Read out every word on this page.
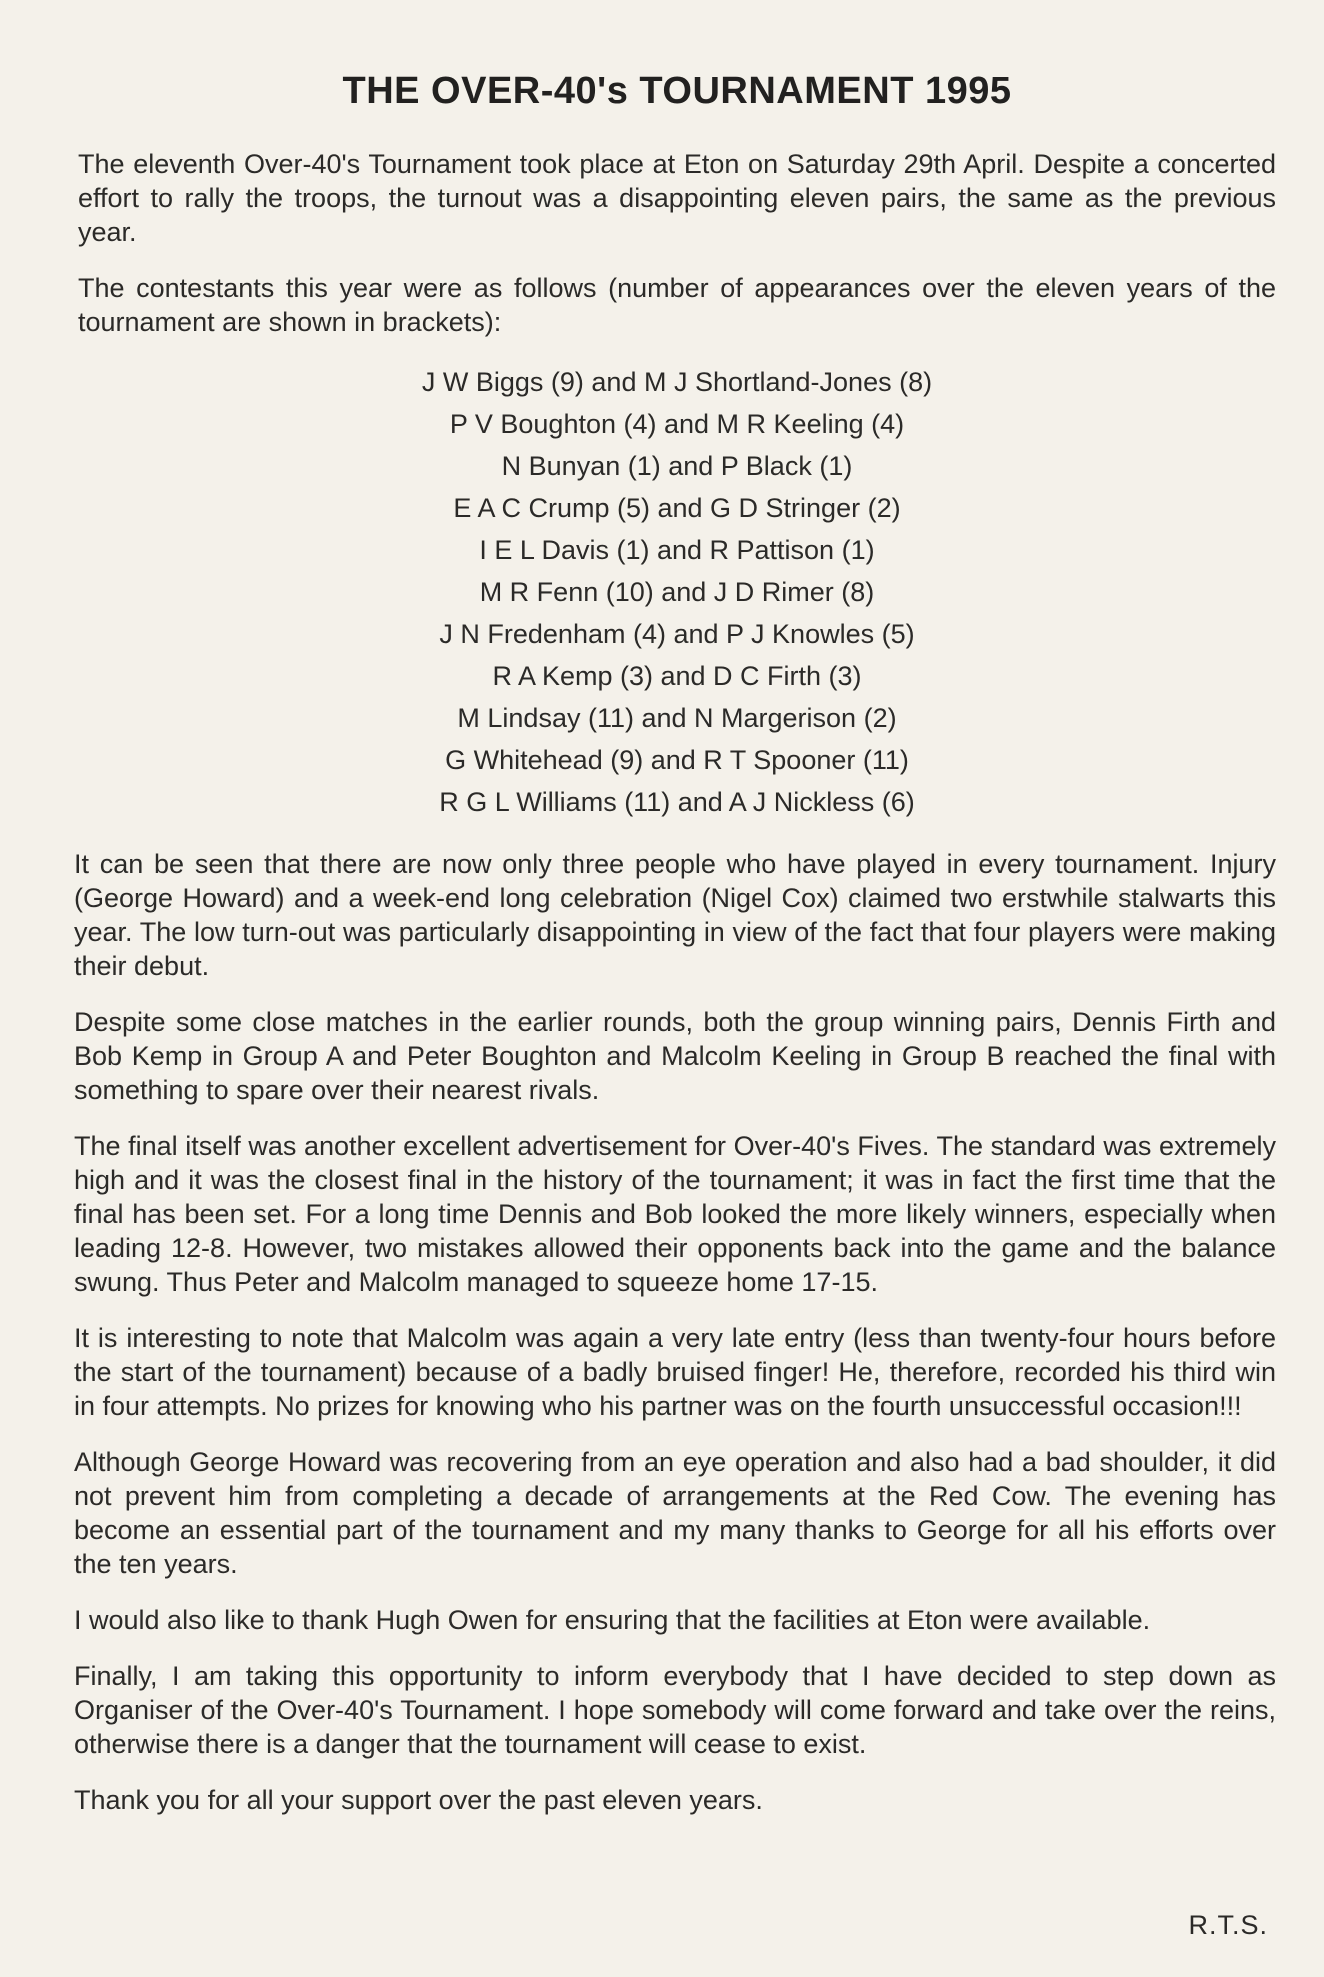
THE OVER-40's TOURNAMENT 1995

The eleventh Over-40's Tournament took place at Eton on Saturday 29th April. Despite a concerted effort to rally the troops, the turnout was a disappointing eleven pairs, the same as the previous year.

The contestants this year were as follows (number of appearances over the eleven years of the tournament are shown in brackets):

J W Biggs (9) and M J Shortland-Jones (8)
P V Boughton (4) and M R Keeling (4)
N Bunyan (1) and P Black (1)
E A C Crump (5) and G D Stringer (2)
I E L Davis (1) and R Pattison (1)
M R Fenn (10) and J D Rimer (8)
J N Fredenham (4) and P J Knowles (5)
R A Kemp (3) and D C Firth (3)
M Lindsay (11) and N Margerison (2)
G Whitehead (9) and R T Spooner (11)
R G L Williams (11) and A J Nickless (6)

It can be seen that there are now only three people who have played in every tournament. Injury (George Howard) and a week-end long celebration (Nigel Cox) claimed two erstwhile stalwarts this year. The low turn-out was particularly disappointing in view of the fact that four players were making their debut.

Despite some close matches in the earlier rounds, both the group winning pairs, Dennis Firth and Bob Kemp in Group A and Peter Boughton and Malcolm Keeling in Group B reached the final with something to spare over their nearest rivals.

The final itself was another excellent advertisement for Over-40's Fives. The standard was extremely high and it was the closest final in the history of the tournament; it was in fact the first time that the final has been set. For a long time Dennis and Bob looked the more likely winners, especially when leading 12-8. However, two mistakes allowed their opponents back into the game and the balance swung. Thus Peter and Malcolm managed to squeeze home 17-15.

It is interesting to note that Malcolm was again a very late entry (less than twenty-four hours before the start of the tournament) because of a badly bruised finger! He, therefore, recorded his third win in four attempts. No prizes for knowing who his partner was on the fourth unsuccessful occasion!!!

Although George Howard was recovering from an eye operation and also had a bad shoulder, it did not prevent him from completing a decade of arrangements at the Red Cow. The evening has become an essential part of the tournament and my many thanks to George for all his efforts over the ten years.

I would also like to thank Hugh Owen for ensuring that the facilities at Eton were available.

Finally, I am taking this opportunity to inform everybody that I have decided to step down as Organiser of the Over-40's Tournament. I hope somebody will come forward and take over the reins, otherwise there is a danger that the tournament will cease to exist.

Thank you for all your support over the past eleven years.

R.T.S.
